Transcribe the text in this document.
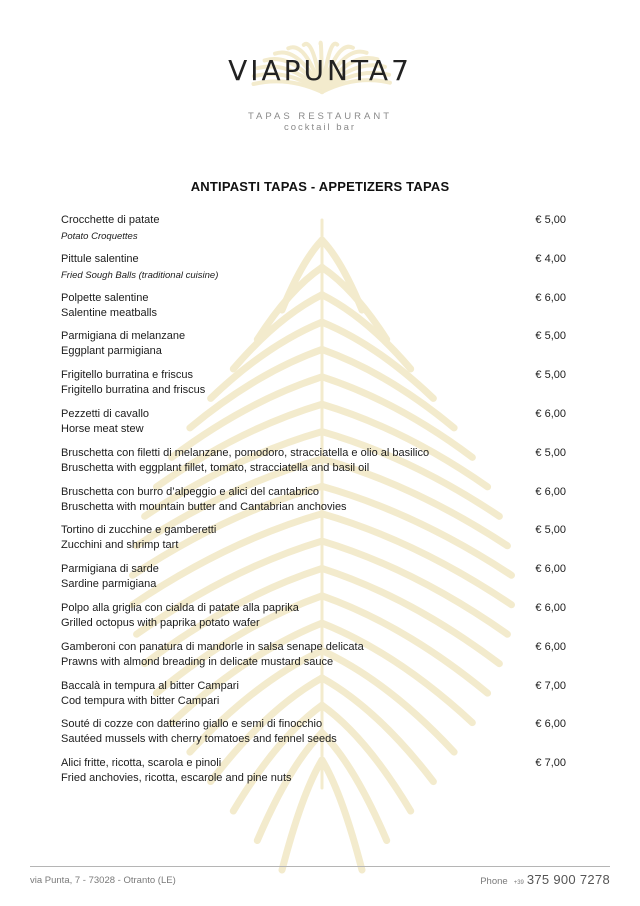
VIAPUNTA7
TAPAS RESTAURANT
cocktail bar
ANTIPASTI TAPAS - APPETIZERS TAPAS
Crocchette di patate
Potato Croquettes
€ 5,00
Pittule salentine
Fried Sough Balls (traditional cuisine)
€ 4,00
Polpette salentine
Salentine meatballs
€ 6,00
Parmigiana di melanzane
Eggplant parmigiana
€ 5,00
Frigitello burratina e friscus
Frigitello burratina and friscus
€ 5,00
Pezzetti di cavallo
Horse meat stew
€ 6,00
Bruschetta con filetti di melanzane, pomodoro, stracciatella e olio al basilico
Bruschetta with eggplant fillet, tomato, stracciatella and basil oil
€ 5,00
Bruschetta con burro d’alpeggio e alici del cantabrico
Bruschetta with mountain butter and Cantabrian anchovies
€ 6,00
Tortino di zucchine e gamberetti
Zucchini and shrimp tart
€ 5,00
Parmigiana di sarde
Sardine parmigiana
€ 6,00
Polpo alla griglia con cialda di patate alla paprika
Grilled octopus with paprika potato wafer
€ 6,00
Gamberoni con panatura di mandorle in salsa senape delicata
Prawns with almond breading in delicate mustard sauce
€ 6,00
Baccalà in tempura al bitter Campari
Cod tempura with bitter Campari
€ 7,00
Souté di cozze con datterino giallo e semi di finocchio
Sautéed mussels with cherry tomatoes and fennel seeds
€ 6,00
Alici fritte, ricotta, scarola e pinoli
Fried anchovies, ricotta, escarole and pine nuts
€ 7,00
via Punta, 7 - 73028 - Otranto (LE)	Phone +39 375 900 7278
